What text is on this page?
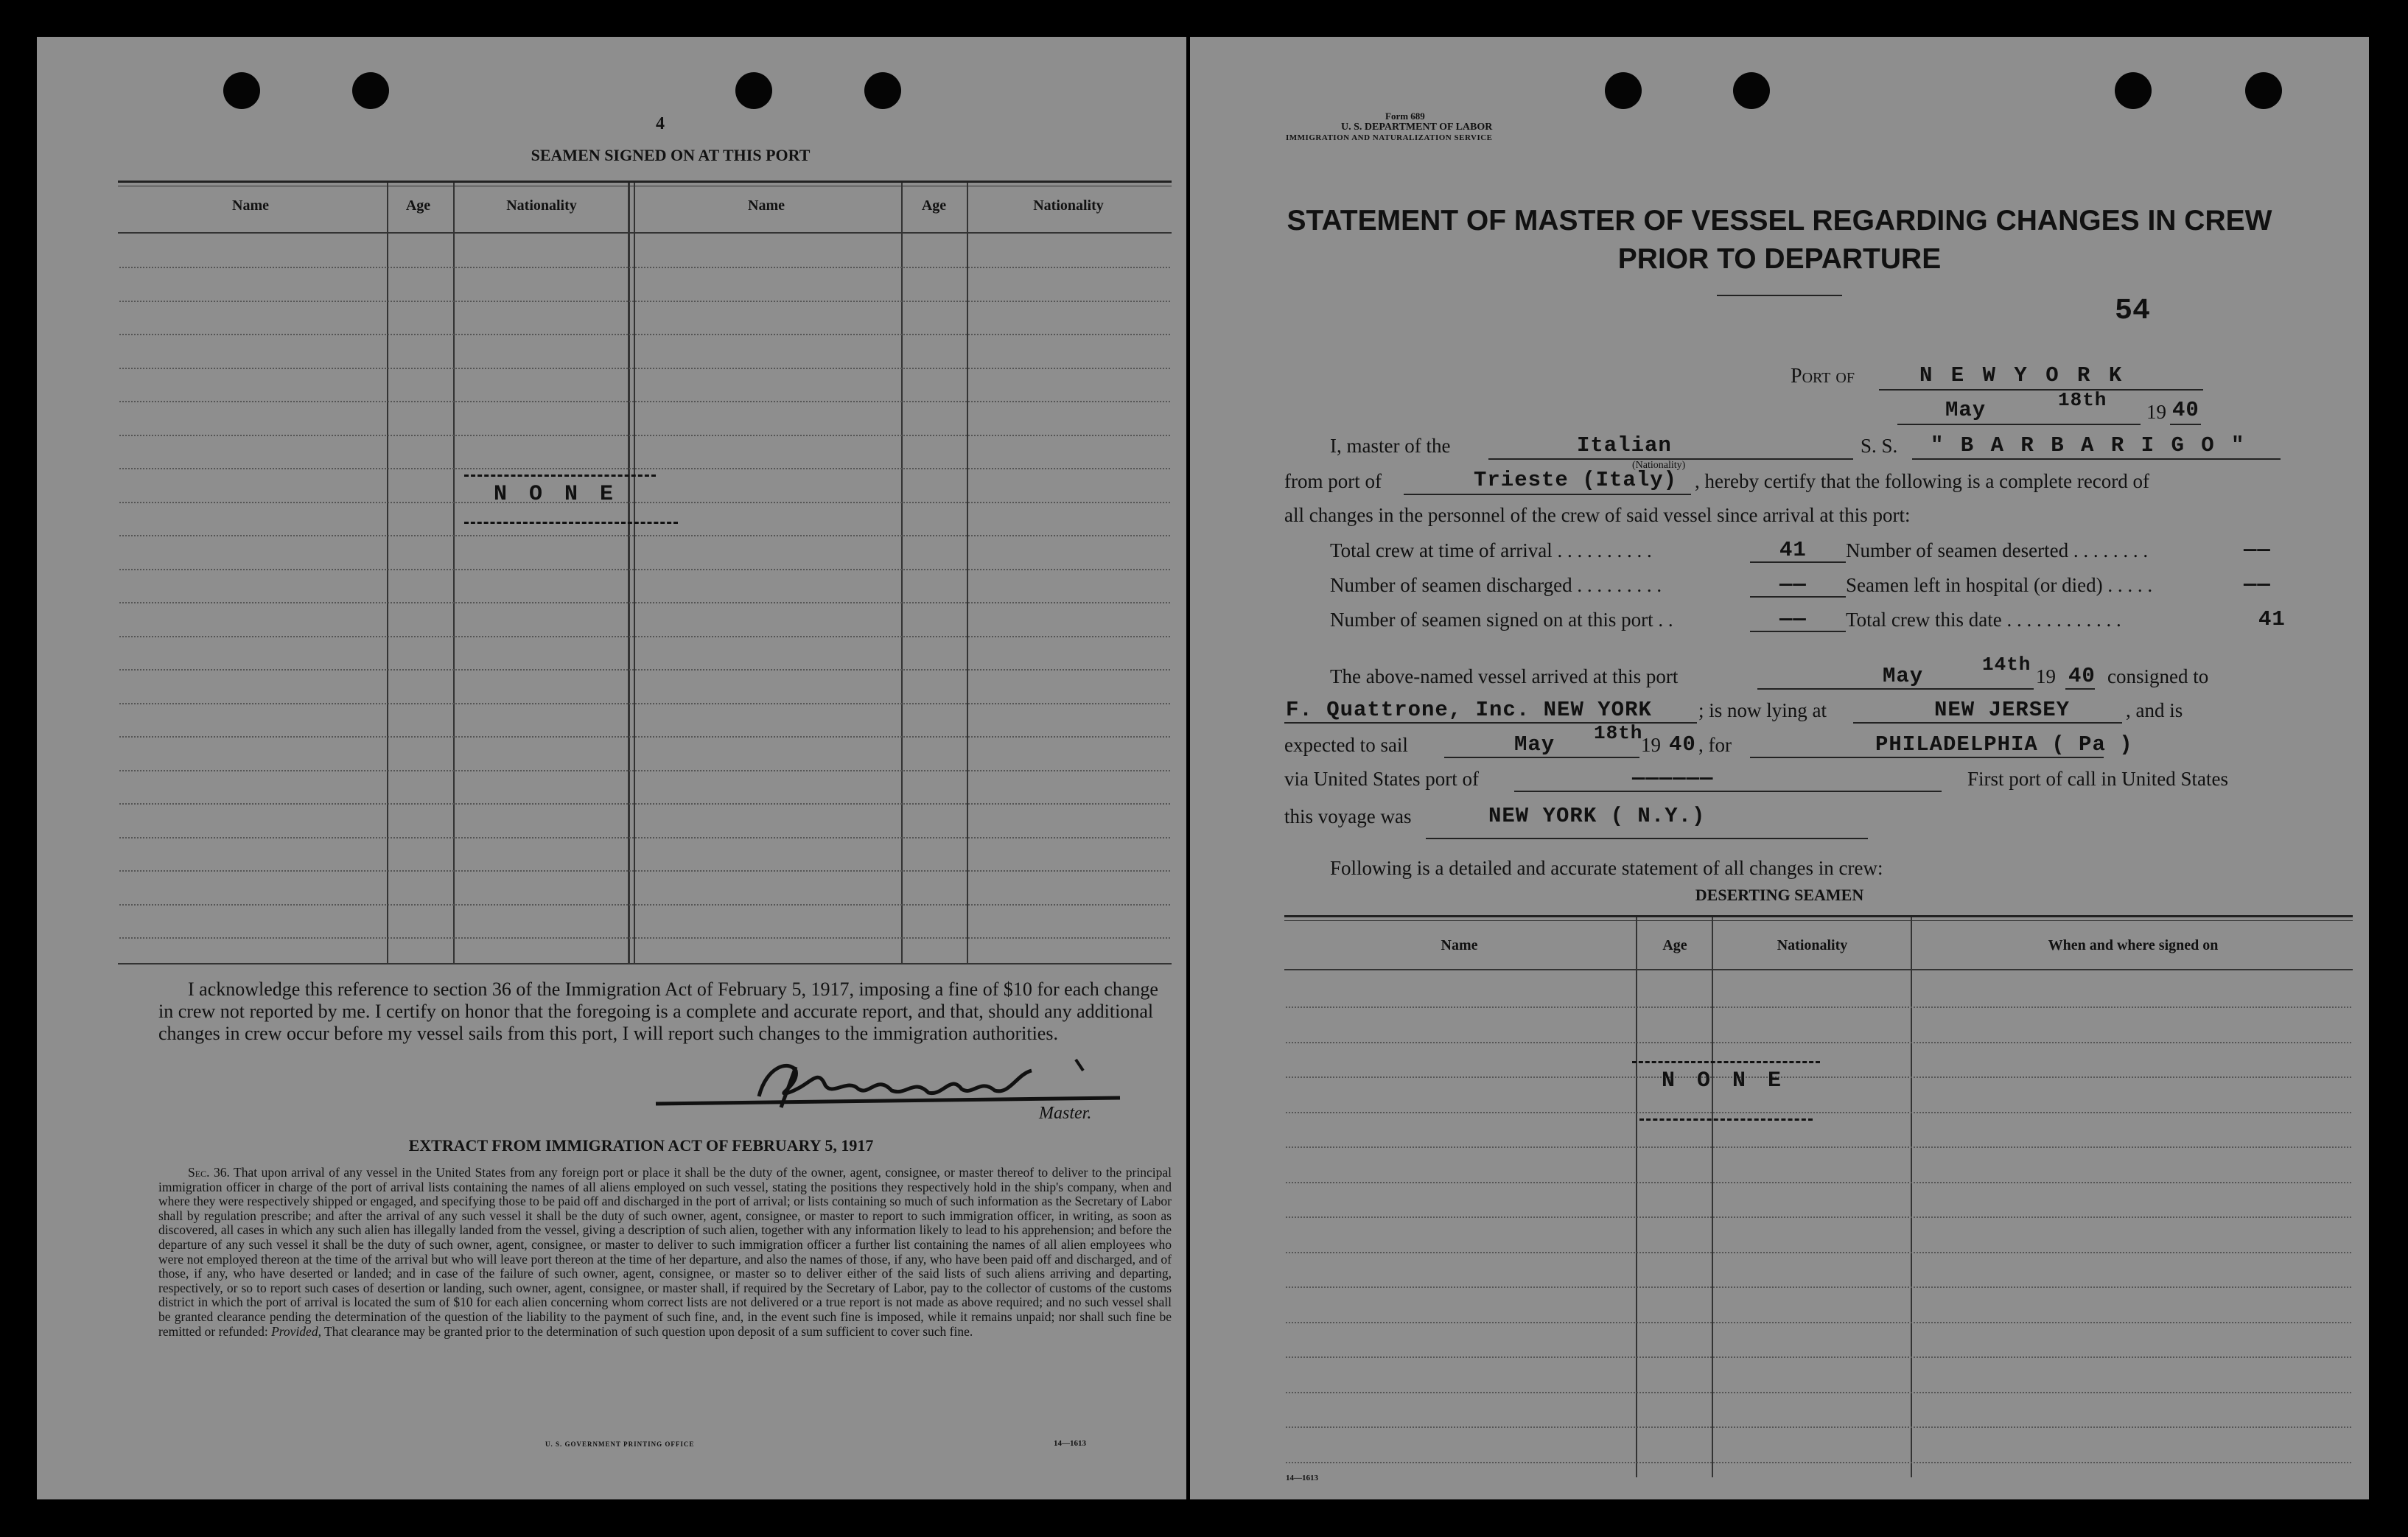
4
SEAMEN SIGNED ON AT THIS PORT
Name	Age	Nationality	Name	Age	Nationality
N O N E
I acknowledge this reference to section 36 of the Immigration Act of February 5, 1917, imposing a fine of $10 for each change in crew not reported by me. I certify on honor that the foregoing is a complete and accurate report, and that, should any additional changes in crew occur before my vessel sails from this port, I will report such changes to the immigration authorities.
Master.
EXTRACT FROM IMMIGRATION ACT OF FEBRUARY 5, 1917
Sec. 36. That upon arrival of any vessel in the United States from any foreign port or place it shall be the duty of the owner, agent, consignee, or master thereof to deliver to the principal immigration officer in charge of the port of arrival lists containing the names of all aliens employed on such vessel, stating the positions they respectively hold in the ship's company, when and where they were respectively shipped or engaged, and specifying those to be paid off and discharged in the port of arrival; or lists containing so much of such information as the Secretary of Labor shall by regulation prescribe; and after the arrival of any such vessel it shall be the duty of such owner, agent, consignee, or master to report to such immigration officer, in writing, as soon as discovered, all cases in which any such alien has illegally landed from the vessel, giving a description of such alien, together with any information likely to lead to his apprehension; and before the departure of any such vessel it shall be the duty of such owner, agent, consignee, or master to deliver to such immigration officer a further list containing the names of all alien employees who were not employed thereon at the time of the arrival but who will leave port thereon at the time of her departure, and also the names of those, if any, who have been paid off and discharged, and of those, if any, who have deserted or landed; and in case of the failure of such owner, agent, consignee, or master so to deliver either of the said lists of such aliens arriving and departing, respectively, or so to report such cases of desertion or landing, such owner, agent, consignee, or master shall, if required by the Secretary of Labor, pay to the collector of customs of the customs district in which the port of arrival is located the sum of $10 for each alien concerning whom correct lists are not delivered or a true report is not made as above required; and no such vessel shall be granted clearance pending the determination of the question of the liability to the payment of such fine, and, in the event such fine is imposed, while it remains unpaid; nor shall such fine be remitted or refunded: Provided, That clearance may be granted prior to the determination of such question upon deposit of a sum sufficient to cover such fine.
U. S. GOVERNMENT PRINTING OFFICE	14—1613
Form 689
U. S. DEPARTMENT OF LABOR
IMMIGRATION AND NATURALIZATION SERVICE
STATEMENT OF MASTER OF VESSEL REGARDING CHANGES IN CREW
PRIOR TO DEPARTURE
54
Port of	N E W Y O R K
May	18th
19 40
I, master of the	Italian
(Nationality)
S. S. " B A R B A R I G O "
from port of	Trieste (Italy) , hereby certify that the following is a complete record of
all changes in the personnel of the crew of said vessel since arrival at this port:
Total crew at time of arrival . . . . . . . . . .	41 Number of seamen deserted . . . . . . . .	——
Number of seamen discharged . . . . . . . . .	—— Seamen left in hospital (or died) . . . . .	——
Number of seamen signed on at this port . .	—— Total crew this date . . . . . . . . . . . .	41
The above-named vessel arrived at this port	May	14th
19 40 consigned to
F. Quattrone, Inc. NEW YORK ; is now lying at	NEW JERSEY	, and is
expected to sail	May 18th
19 40 , for	PHILADELPHIA ( Pa )
via United States port of	——————	First port of call in United States
this voyage was	NEW YORK ( N.Y.)
Following is a detailed and accurate statement of all changes in crew:
DESERTING SEAMEN
Name	Age	Nationality	When and where signed on
N O N E
14—1613
